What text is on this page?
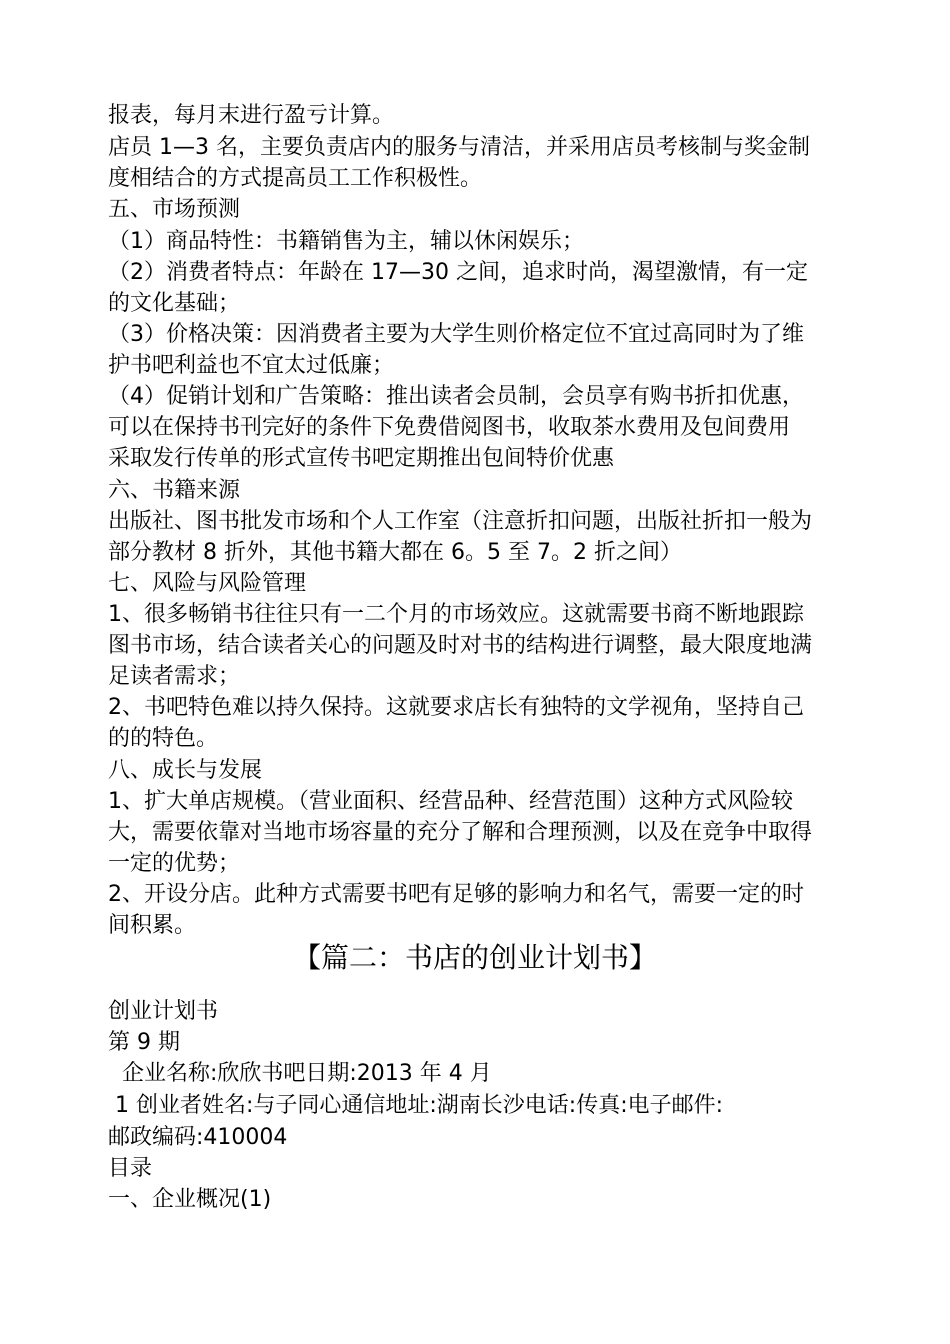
报表，每月末进行盈亏计算。
店员 1—3 名，主要负责店内的服务与清洁，并采用店员考核制与奖金制
度相结合的方式提高员工工作积极性。
五、市场预测
（1）商品特性：书籍销售为主，辅以休闲娱乐；
（2）消费者特点：年龄在 17—30 之间，追求时尚，渴望激情，有一定
的文化基础；
（3）价格决策：因消费者主要为大学生则价格定位不宜过高同时为了维
护书吧利益也不宜太过低廉；
（4）促销计划和广告策略：推出读者会员制，会员享有购书折扣优惠，
可以在保持书刊完好的条件下免费借阅图书，收取茶水费用及包间费用
采取发行传单的形式宣传书吧定期推出包间特价优惠
六、书籍来源
出版社、图书批发市场和个人工作室（注意折扣问题，出版社折扣一般为
部分教材 8 折外，其他书籍大都在 6。5 至 7。2 折之间）
七、风险与风险管理
1、很多畅销书往往只有一二个月的市场效应。这就需要书商不断地跟踪
图书市场，结合读者关心的问题及时对书的结构进行调整，最大限度地满
足读者需求；
2、书吧特色难以持久保持。这就要求店长有独特的文学视角，坚持自己
的的特色。
八、成长与发展
1、扩大单店规模。（营业面积、经营品种、经营范围）这种方式风险较
大，需要依靠对当地市场容量的充分了解和合理预测，以及在竞争中取得
一定的优势；
2、开设分店。此种方式需要书吧有足够的影响力和名气，需要一定的时
间积累。
【篇二：书店的创业计划书】
创业计划书
第 9 期
企业名称:欣欣书吧日期:2013 年 4 月
1 创业者姓名:与子同心通信地址:湖南长沙电话:传真:电子邮件:
邮政编码:410004
目录
一、企业概况(1)
